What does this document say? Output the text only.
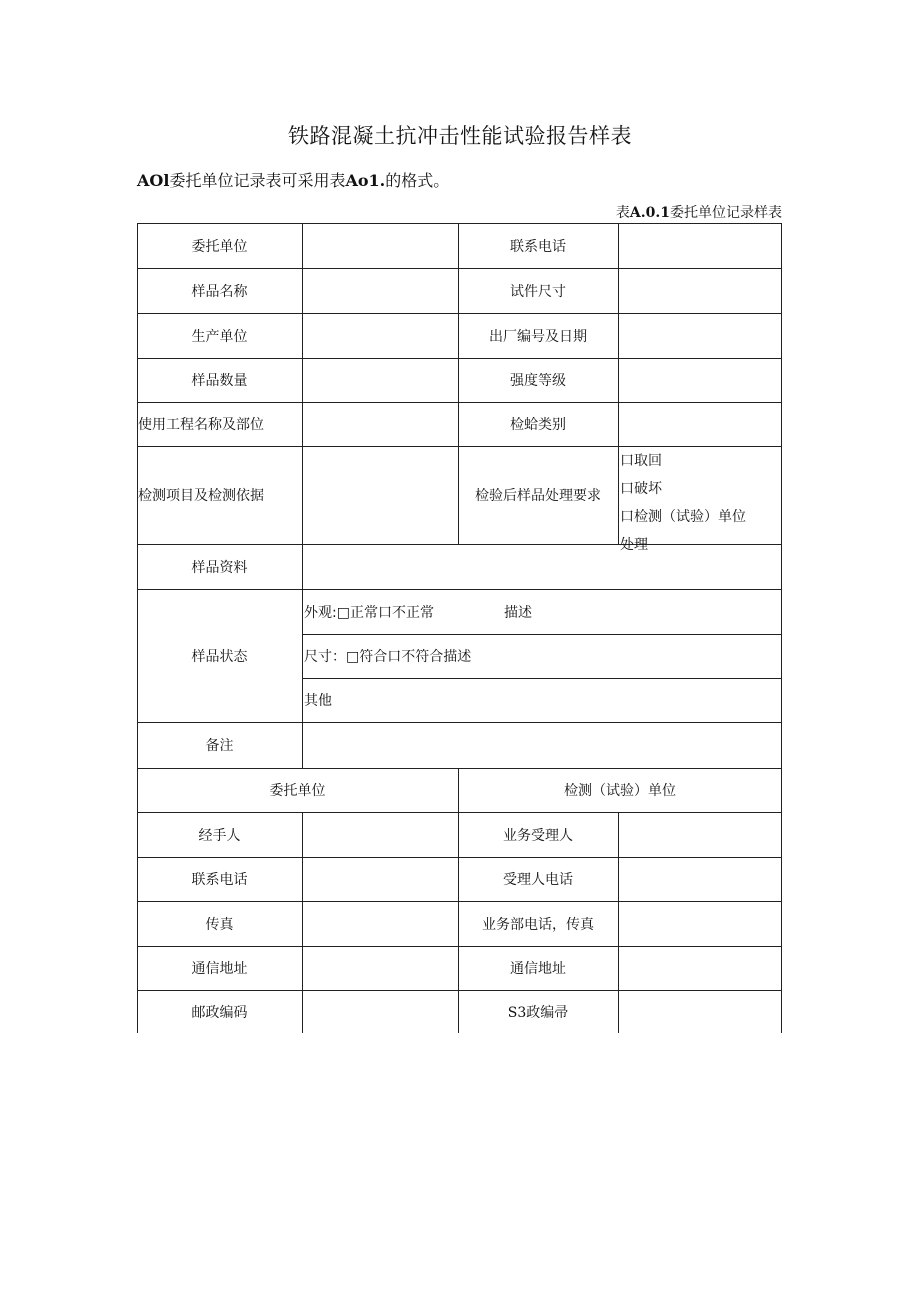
铁路混凝土抗冲击性能试验报告样表
AOl委托单位记录表可采用表Ao1.的格式。
表A.0.1委托单位记录样表
委托单位	联系电话
样品名称	试件尺寸
生产单位	出厂编号及日期
样品数量	强度等级
使用工程名称及部位	检蛤类别
检测项目及检测依据	检验后样品处理要求
口取回
口破坏
口检测（试验）单位
处理
样品资料
样品状态
外观:□正常口不正常	描述
尺寸：□符合口不符合描述
其他
备注
委托单位	检测（试验）单位
经手人	业务受理人
联系电话	受理人电话
传真	业务部电话，传真
通信地址	通信地址
邮政编码	S3政编帚
